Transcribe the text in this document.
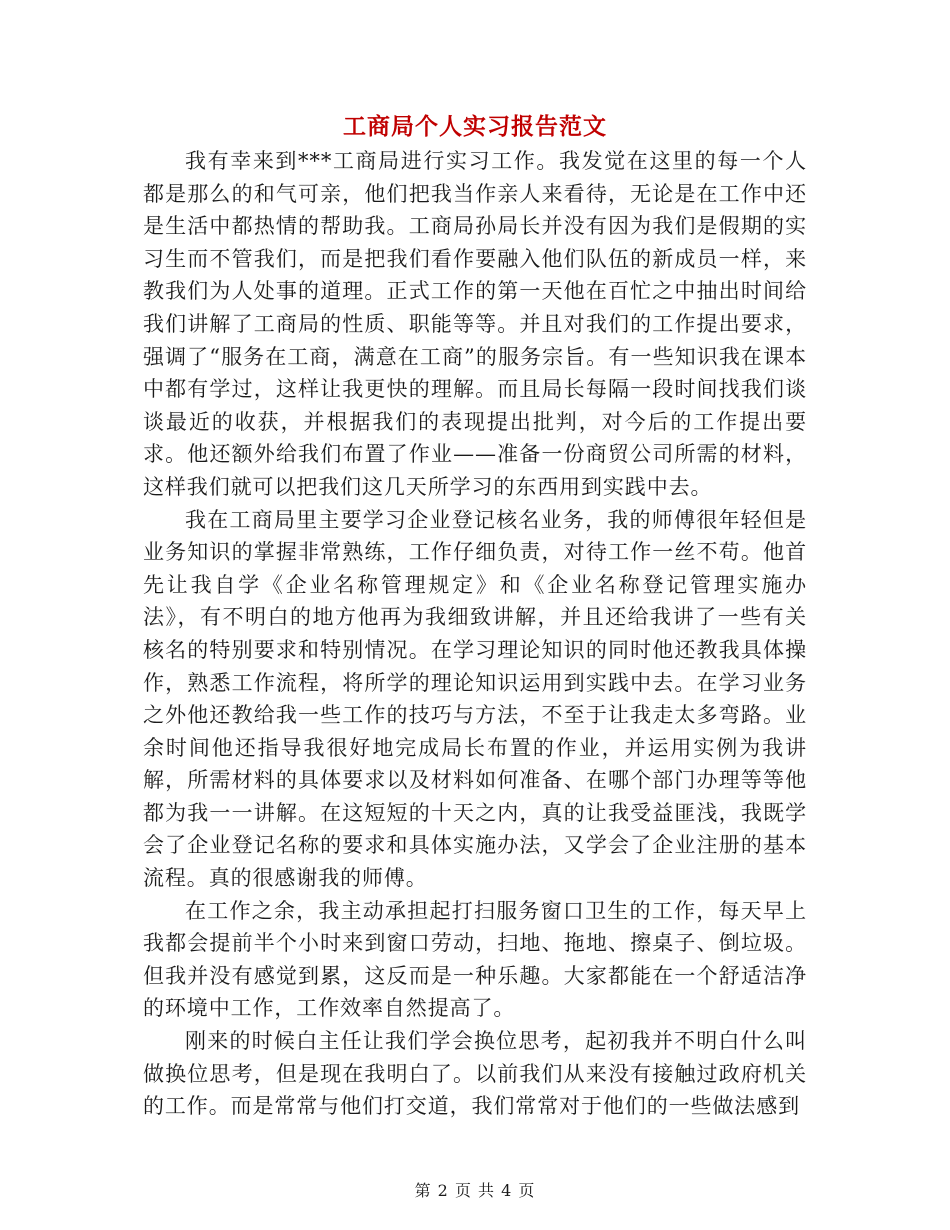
工商局个人实习报告范文

我有幸来到***工商局进行实习工作。我发觉在这里的每一个人都是那么的和气可亲，他们把我当作亲人来看待，无论是在工作中还是生活中都热情的帮助我。工商局孙局长并没有因为我们是假期的实习生而不管我们，而是把我们看作要融入他们队伍的新成员一样，来教我们为人处事的道理。正式工作的第一天他在百忙之中抽出时间给我们讲解了工商局的性质、职能等等。并且对我们的工作提出要求，强调了“服务在工商，满意在工商”的服务宗旨。有一些知识我在课本中都有学过，这样让我更快的理解。而且局长每隔一段时间找我们谈谈最近的收获，并根据我们的表现提出批判，对今后的工作提出要求。他还额外给我们布置了作业——准备一份商贸公司所需的材料，这样我们就可以把我们这几天所学习的东西用到实践中去。

我在工商局里主要学习企业登记核名业务，我的师傅很年轻但是业务知识的掌握非常熟练，工作仔细负责，对待工作一丝不苟。他首先让我自学《企业名称管理规定》和《企业名称登记管理实施办法》，有不明白的地方他再为我细致讲解，并且还给我讲了一些有关核名的特别要求和特别情况。在学习理论知识的同时他还教我具体操作，熟悉工作流程，将所学的理论知识运用到实践中去。在学习业务之外他还教给我一些工作的技巧与方法，不至于让我走太多弯路。业余时间他还指导我很好地完成局长布置的作业，并运用实例为我讲解，所需材料的具体要求以及材料如何准备、在哪个部门办理等等他都为我一一讲解。在这短短的十天之内，真的让我受益匪浅，我既学会了企业登记名称的要求和具体实施办法，又学会了企业注册的基本流程。真的很感谢我的师傅。

在工作之余，我主动承担起打扫服务窗口卫生的工作，每天早上我都会提前半个小时来到窗口劳动，扫地、拖地、擦桌子、倒垃圾。但我并没有感觉到累，这反而是一种乐趣。大家都能在一个舒适洁净的环境中工作，工作效率自然提高了。

刚来的时候白主任让我们学会换位思考，起初我并不明白什么叫做换位思考，但是现在我明白了。以前我们从来没有接触过政府机关的工作。而是常常与他们打交道，我们常常对于他们的一些做法感到

第 2 页 共 4 页
